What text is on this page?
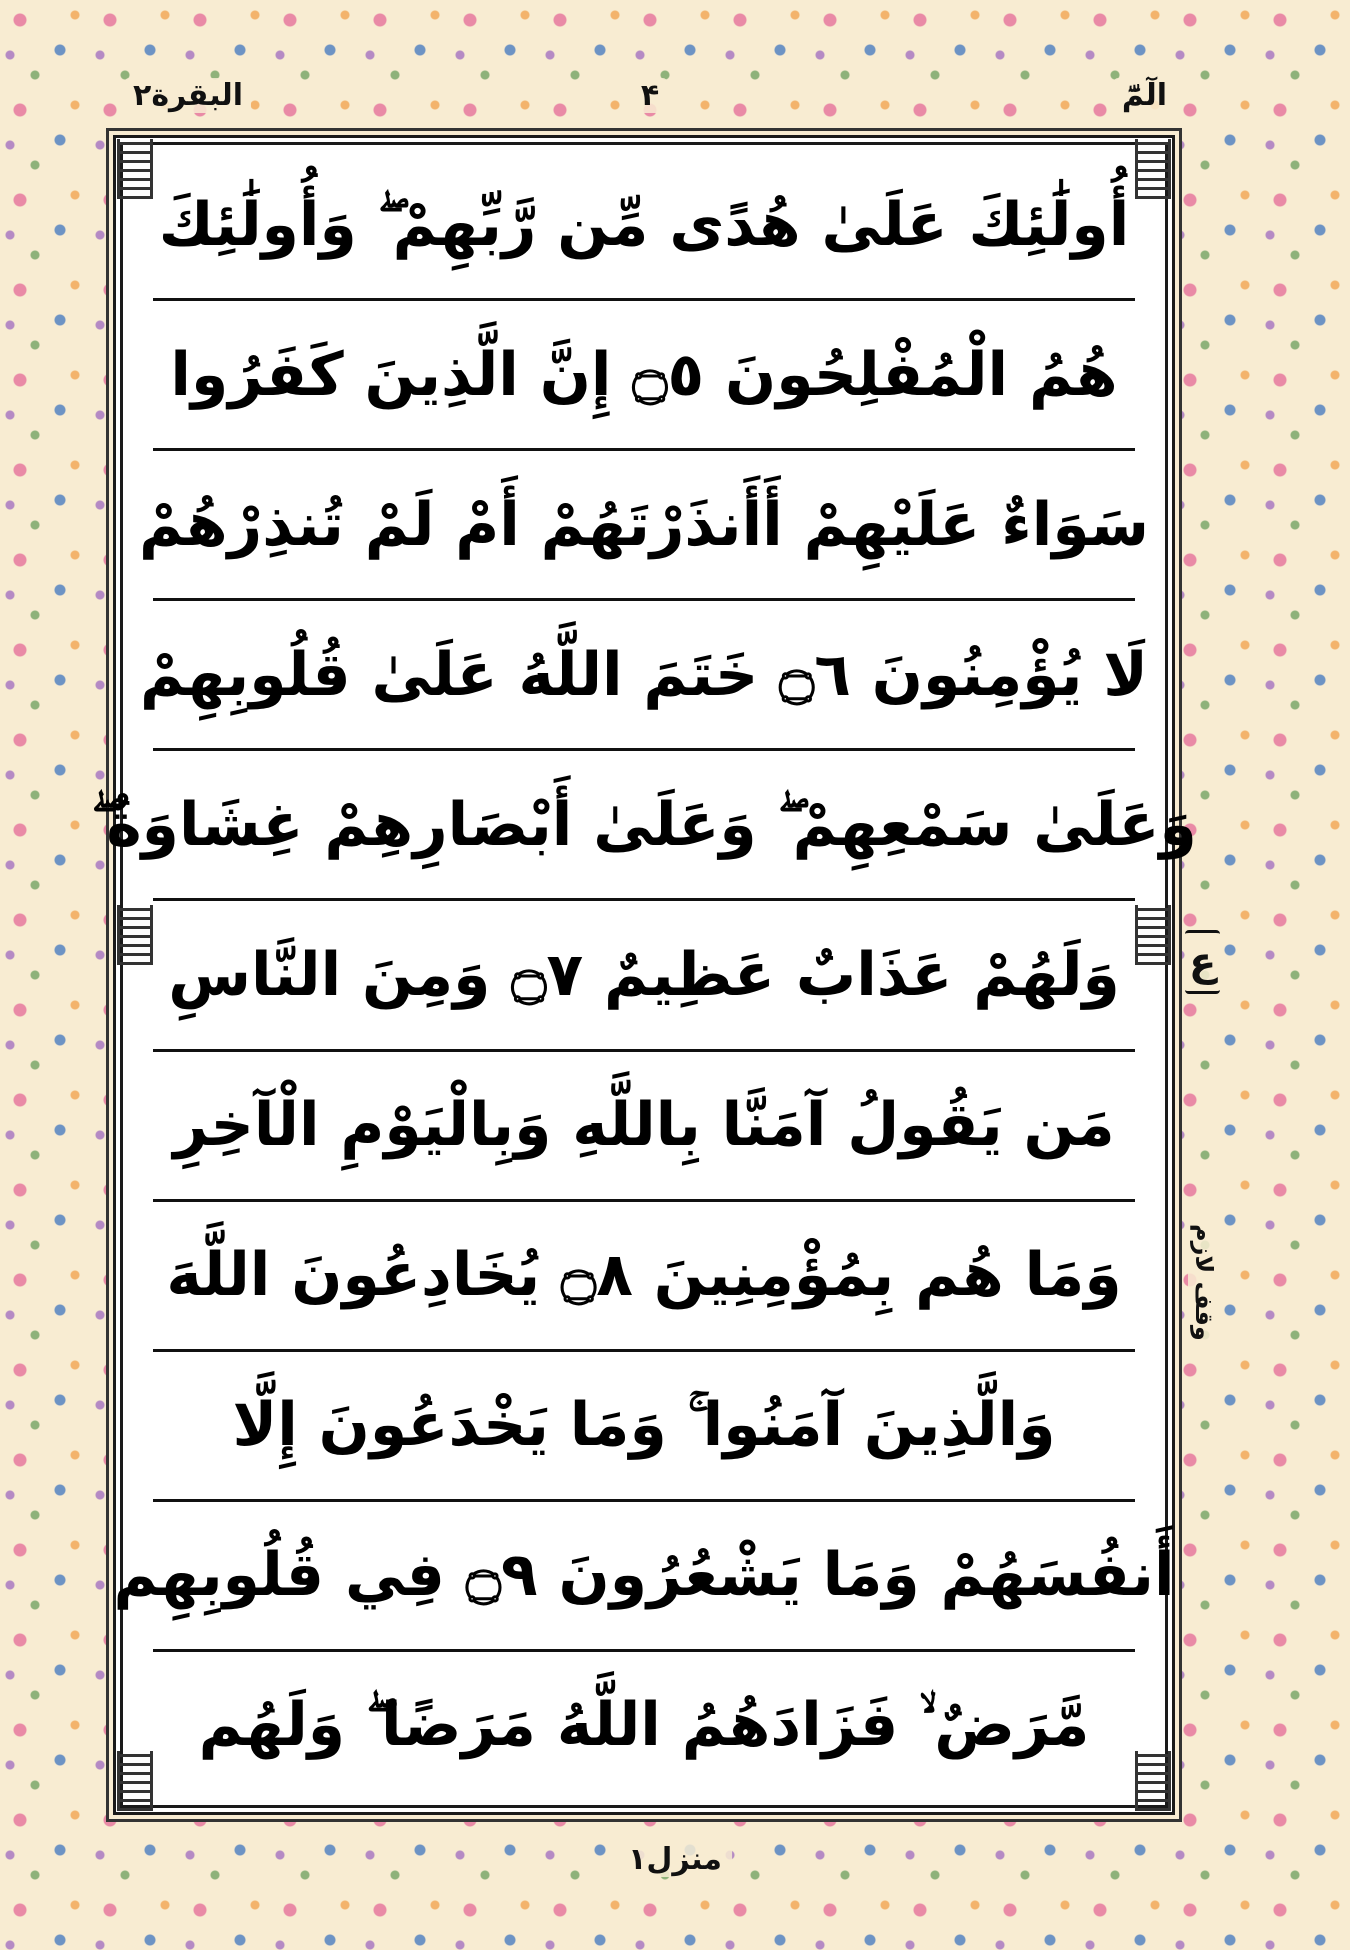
البقرة۲	۴	الٓمّٓ
أُولَٰئِكَ عَلَىٰ هُدًى مِّن رَّبِّهِمْ ۖ وَأُولَٰئِكَ
هُمُ الْمُفْلِحُونَ ۝٥ إِنَّ الَّذِينَ كَفَرُوا
سَوَاءٌ عَلَيْهِمْ أَأَنذَرْتَهُمْ أَمْ لَمْ تُنذِرْهُمْ
لَا يُؤْمِنُونَ ۝٦ خَتَمَ اللَّهُ عَلَىٰ قُلُوبِهِمْ
وَعَلَىٰ سَمْعِهِمْ ۖ وَعَلَىٰ أَبْصَارِهِمْ غِشَاوَةٌ ۖ
وَلَهُمْ عَذَابٌ عَظِيمٌ ۝٧ وَمِنَ النَّاسِ
مَن يَقُولُ آمَنَّا بِاللَّهِ وَبِالْيَوْمِ الْآخِرِ
وَمَا هُم بِمُؤْمِنِينَ ۝٨ يُخَادِعُونَ اللَّهَ
وَالَّذِينَ آمَنُوا ۚ وَمَا يَخْدَعُونَ إِلَّا
أَنفُسَهُمْ وَمَا يَشْعُرُونَ ۝٩ فِي قُلُوبِهِم
مَّرَضٌ ۙ فَزَادَهُمُ اللَّهُ مَرَضًا ۖ وَلَهُم
ع
وقف لازم
منزل۱
